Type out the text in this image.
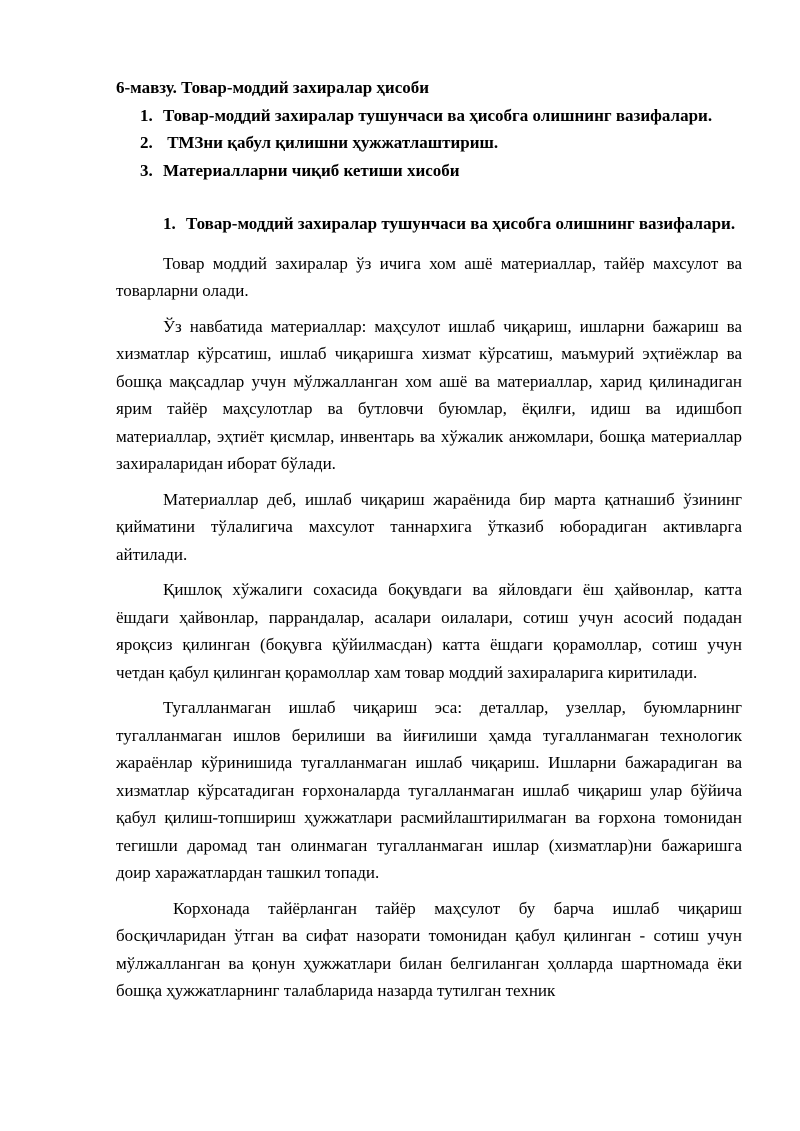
6-мавзу. Товар-моддий захиралар ҳисоби

1. Товар-моддий захиралар тушунчаси ва ҳисобга олишнинг вазифалари.
2. ТМЗни қабул қилишни ҳужжатлаштириш.
3. Материалларни чиқиб кетиши хисоби
1. Товар-моддий захиралар тушунчаси ва ҳисобга олишнинг вазифалари.

Товар моддий захиралар ўз ичига хом ашё материаллар, тайёр махсулот ва товарларни олади.

Ўз навбатида материаллар: маҳсулот ишлаб чиқариш, ишларни бажариш ва хизматлар кўрсатиш, ишлаб чиқаришга хизмат кўрсатиш, маъмурий эҳтиёжлар ва бошқа мақсадлар учун мўлжалланган хом ашё ва материаллар, харид қилинадиган ярим тайёр маҳсулотлар ва бутловчи буюмлар, ёқилғи, идиш ва идишбоп материаллар, эҳтиёт қисмлар, инвентарь ва хўжалик анжомлари, бошқа материаллар захираларидан иборат бўлади.

Материаллар деб, ишлаб чиқариш жараёнида бир марта қатнашиб ўзининг қийматини тўлалигича махсулот таннархига ўтказиб юборадиган активларга айтилади.

Қишлоқ хўжалиги сохасида боқувдаги ва яйловдаги ёш ҳайвонлар, катта ёшдаги ҳайвонлар, паррандалар, асалари оилалари, сотиш учун асосий подадан яроқсиз қилинган (боқувга қўйилмасдан) катта ёшдаги қорамоллар, сотиш учун четдан қабул қилинган қорамоллар хам товар моддий захираларига киритилади.

Тугалланмаган ишлаб чиқариш эса: деталлар, узеллар, буюмларнинг тугалланмаган ишлов берилиши ва йиғилиши ҳамда тугалланмаган технологик жараёнлар кўринишида тугалланмаган ишлаб чиқариш. Ишларни бажарадиган ва хизматлар кўрсатадиган ғорхоналарда тугалланмаган ишлаб чиқариш улар бўйича қабул қилиш-топшириш ҳужжатлари расмийлаштирилмаган ва ғорхона томонидан тегишли даромад тан олинмаган тугалланмаган ишлар (хизматлар)ни бажаришга доир харажатлардан ташкил топади.

Корхонада тайёрланган тайёр маҳсулот бу барча ишлаб чиқариш босқичларидан ўтган ва сифат назорати томонидан қабул қилинган - сотиш учун мўлжалланган ва қонун ҳужжатлари билан белгиланган ҳолларда шартномада ёки бошқа ҳужжатларнинг талабларида назарда тутилган техник
